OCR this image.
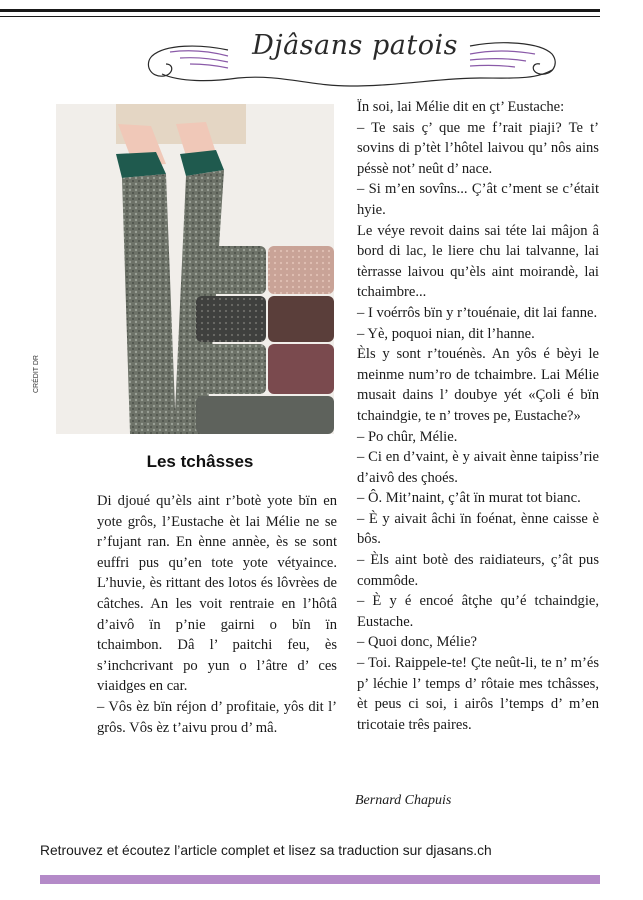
Djâsans patois
CRÉDIT DR
Les tchâsses

Di djoué qu’èls aint r’botè yote bïn en yote grôs, l’Eustache èt lai Mélie ne se r’fujant ran. En ènne annèe, ès se sont euffri pus qu’en tote yote vétyaince. L’huvie, ès rittant des lotos és lôvrèes de câtches. An les voit rentraie en l’hôtâ d’aivô ïn p’nie gairni o bïn ïn tchaimbon. Dâ l’ paitchi feu, ès s’inchcrivant po yun o l’âtre d’ ces viaidges en car.

– Vôs èz bïn réjon d’ profitaie, yôs dit l’ grôs. Vôs èz t’aivu prou d’ mâ.

Ïn soi, lai Mélie dit en çt’ Eustache:

– Te sais ç’ que me f’rait piaji? Te t’ sovins di p’tèt l’hôtel laivou qu’ nôs ains péssè not’ neût d’ nace.

– Si m’en sovîns... Ç’ât c’ment se c’était hyie.

Le véye revoit dains sai téte lai mâjon â bord di lac, le liere chu lai talvanne, lai tèrrasse laivou qu’èls aint moirandè, lai tchaimbre...

– I voérrôs bïn y r’touénaie, dit lai fanne.

– Yè, poquoi nian, dit l’hanne.

Èls y sont r’touénès. An yôs é bèyi le meinme num’ro de tchaimbre. Lai Mélie musait dains l’ doubye yét «Çoli é bïn tchaindgie, te n’ troves pe, Eustache?»

– Po chûr, Mélie.

– Ci en d’vaint, è y aivait ènne taipiss’rie d’aivô des çhoés.

– Ô. Mit’naint, ç’ât ïn murat tot bianc.

– È y aivait âchi ïn foénat, ènne caisse è bôs.

– Èls aint botè des raidiateurs, ç’ât pus commôde.

– È y é encoé âtçhe qu’é tchaindgie, Eustache.

– Quoi donc, Mélie?

– Toi. Raippele-te! Çte neût-li, te n’ m’és p’ léchie l’ temps d’ rôtaie mes tchâsses, èt peus ci soi, i airôs l’temps d’ m’en tricotaie três paires.

Bernard Chapuis
Retrouvez et écoutez l’article complet et lisez sa traduction sur djasans.ch
